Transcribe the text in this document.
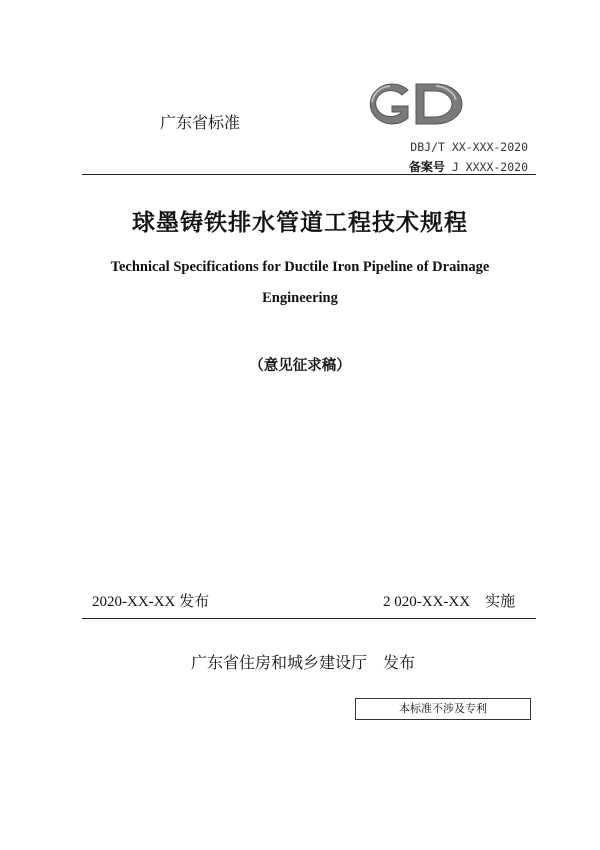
广东省标准
DBJ/T XX-XXX-2020
备案号 J XXXX-2020
球墨铸铁排水管道工程技术规程
Technical Specifications for Ductile Iron Pipeline of Drainage
Engineering
（意见征求稿）
2020-XX-XX 发布	2 020-XX-XX　实施
广东省住房和城乡建设厅　发布
本标准不涉及专利
